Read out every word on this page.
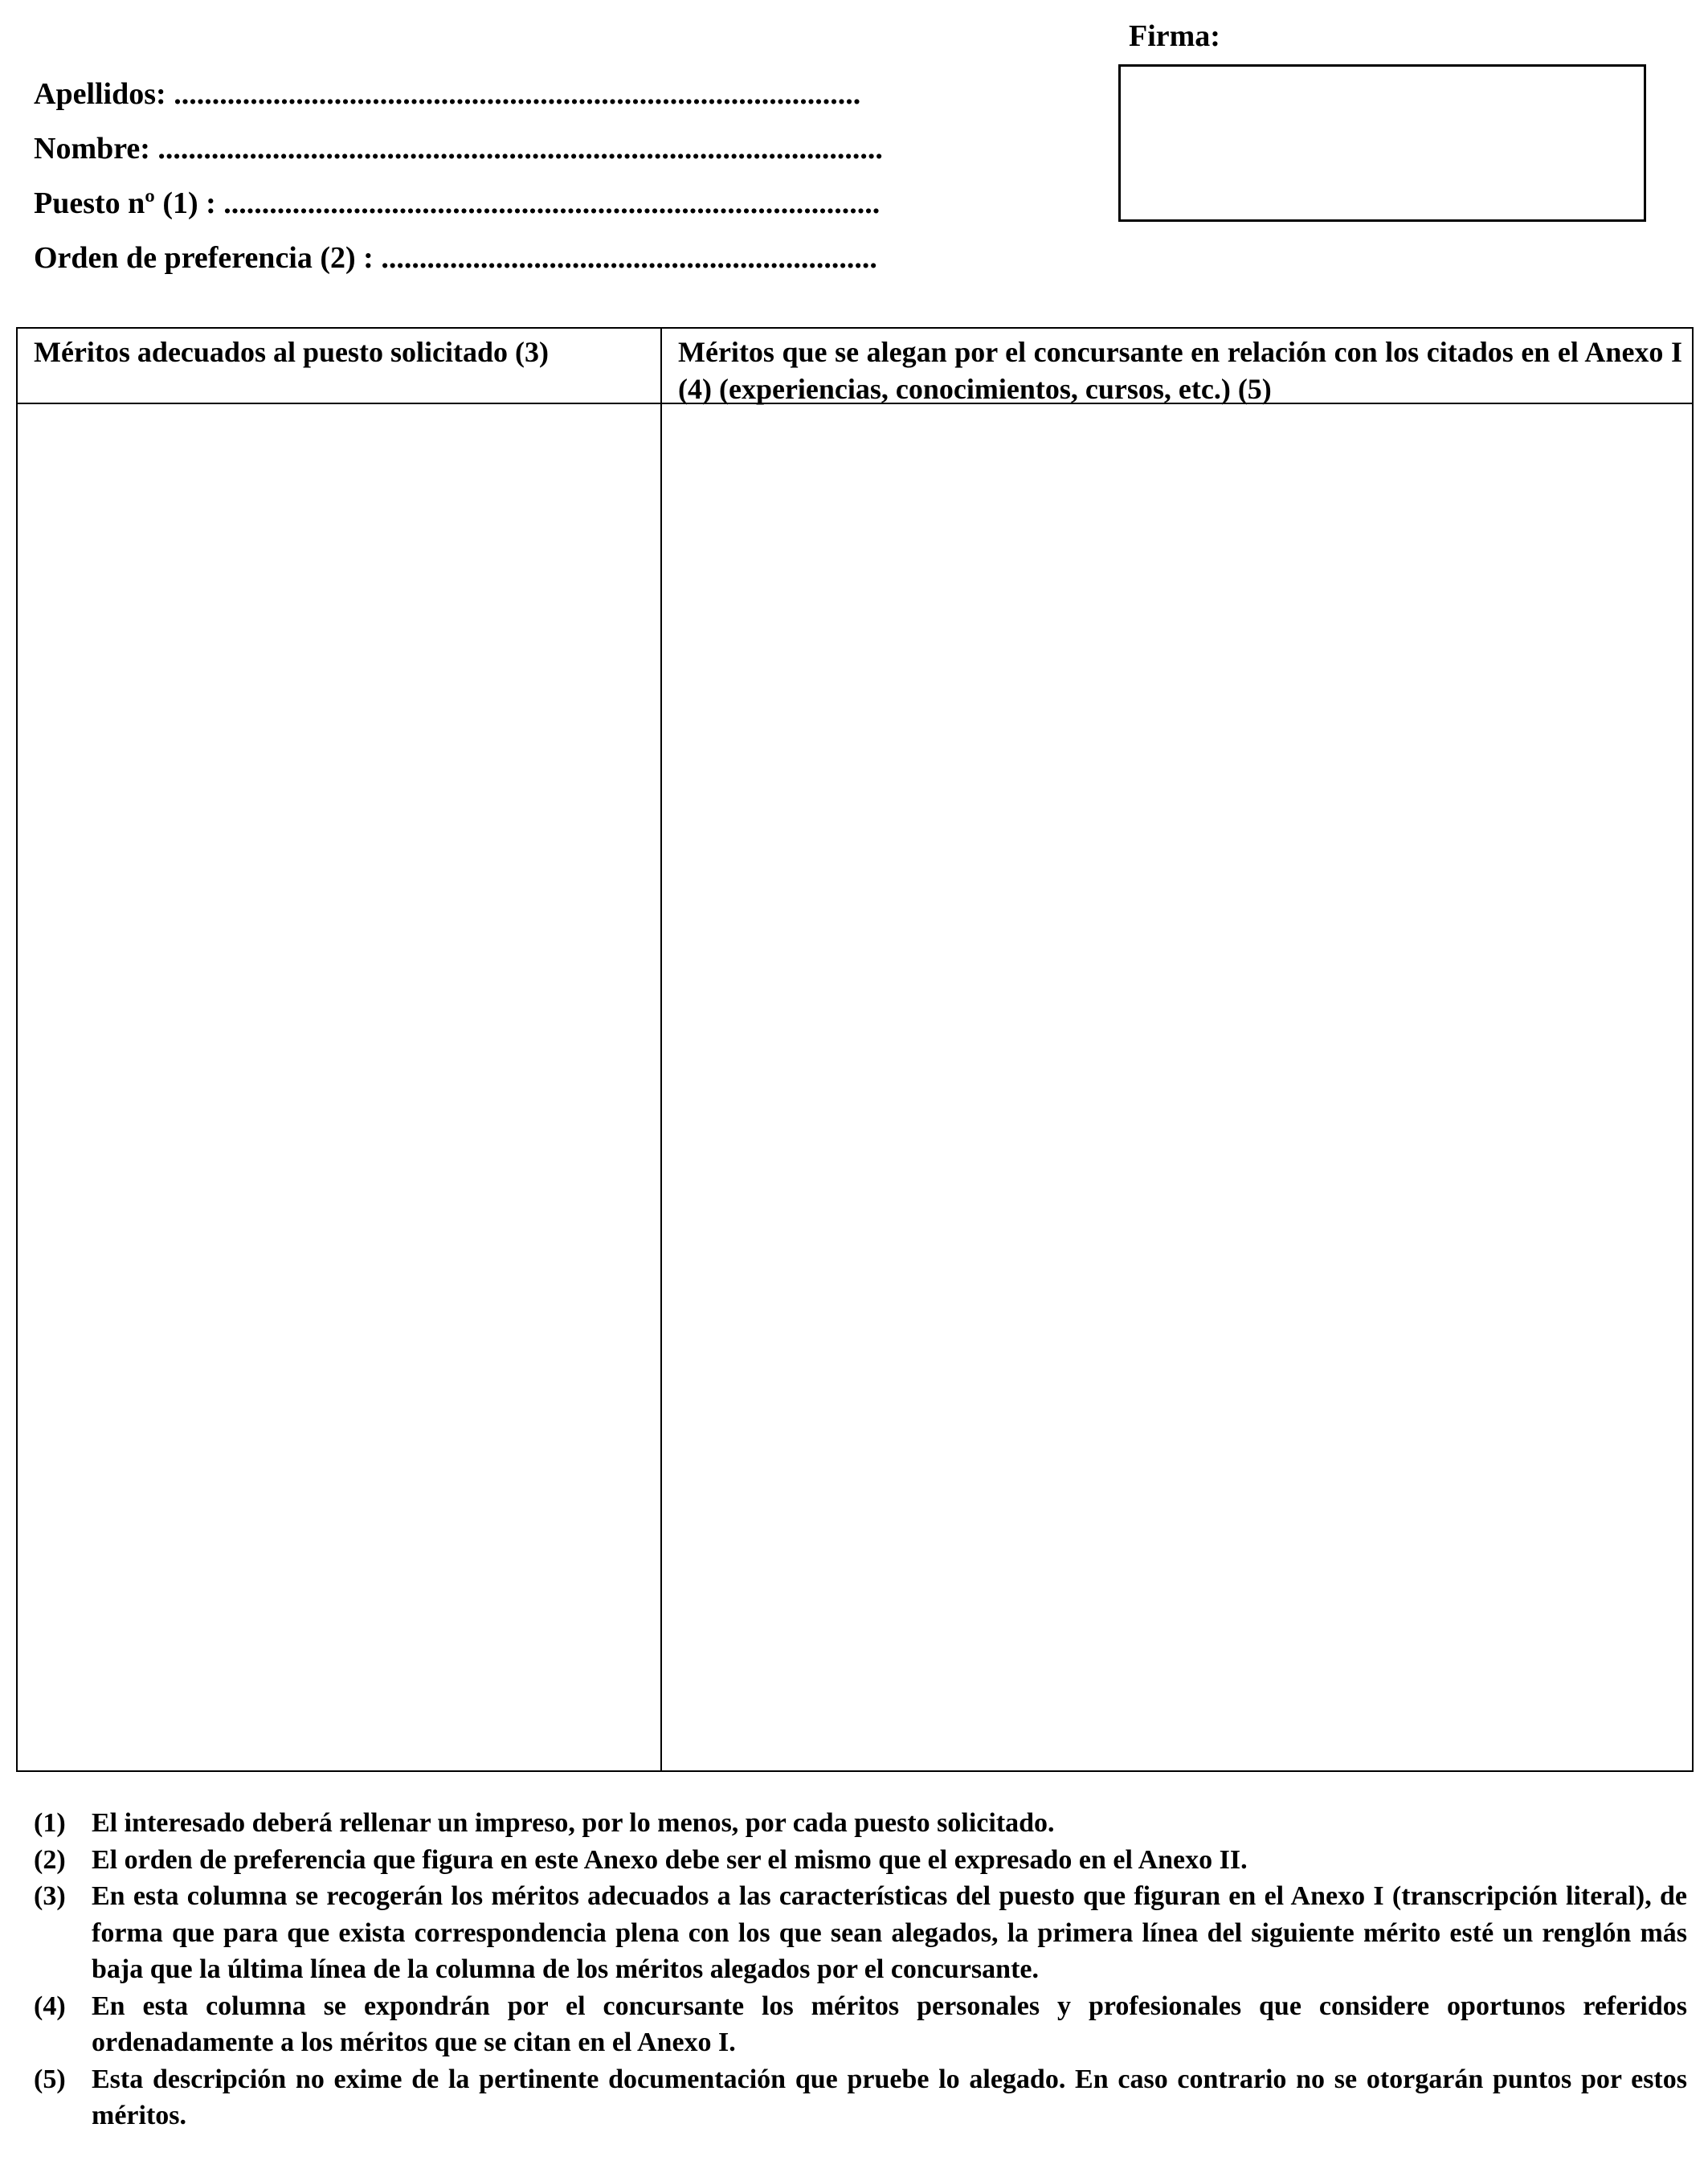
Firma:
Apellidos: ..........................................................................................
Nombre: ...............................................................................................
Puesto nº (1) : ......................................................................................
Orden de preferencia (2) : .................................................................
Méritos adecuados al puesto solicitado (3)	Méritos que se alegan por el concursante en relación con los citados en el Anexo I (4) (experiencias, conocimientos, cursos, etc.) (5)
(1) El interesado deberá rellenar un impreso, por lo menos, por cada puesto solicitado.
(2) El orden de preferencia que figura en este Anexo debe ser el mismo que el expresado en el Anexo II.
(3) En esta columna se recogerán los méritos adecuados a las características del puesto que figuran en el Anexo I (transcripción literal), de forma que para que exista correspondencia plena con los que sean alegados, la primera línea del siguiente mérito esté un renglón más baja que la última línea de la columna de los méritos alegados por el concursante.
(4) En esta columna se expondrán por el concursante los méritos personales y profesionales que considere oportunos referidos ordenadamente a los méritos que se citan en el Anexo I.
(5) Esta descripción no exime de la pertinente documentación que pruebe lo alegado. En caso contrario no se otorgarán puntos por estos méritos.
